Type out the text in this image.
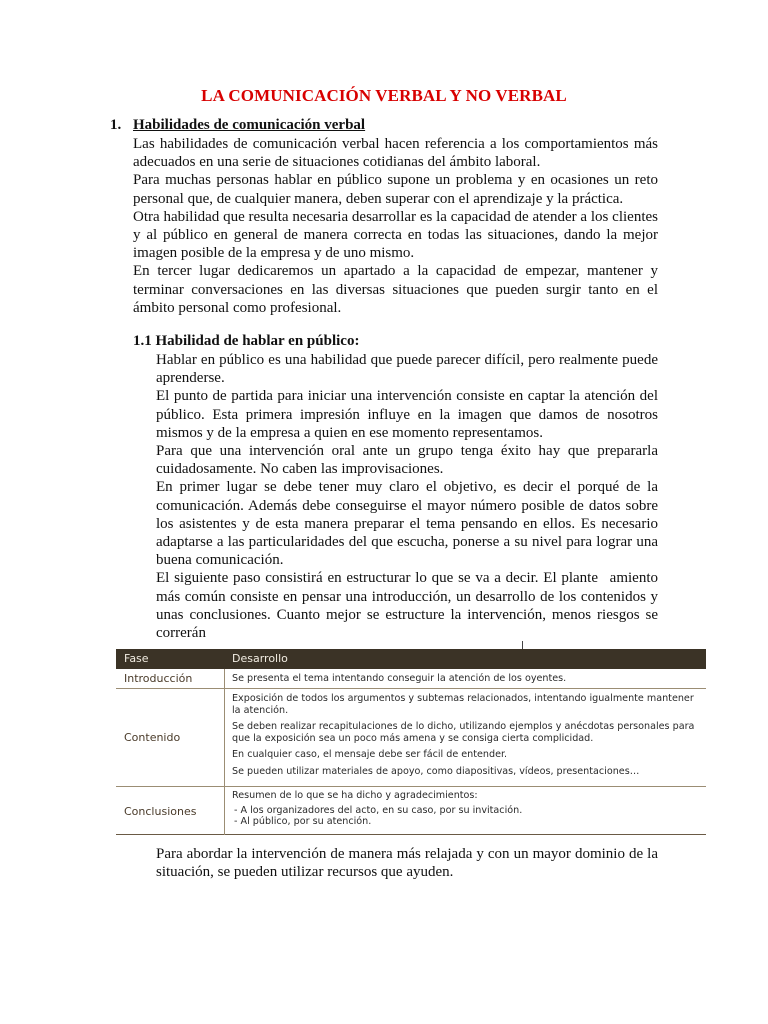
LA COMUNICACIÓN VERBAL Y NO VERBAL
1. Habilidades de comunicación verbal

Las habilidades de comunicación verbal hacen referencia a los comportamientos más adecuados en una serie de situaciones cotidianas del ámbito laboral.

Para muchas personas hablar en público supone un problema y en ocasiones un reto personal que, de cualquier manera, deben superar con el aprendizaje y la práctica.

Otra habilidad que resulta necesaria desarrollar es la capacidad de atender a los clientes y al público en general de manera correcta en todas las situaciones, dando la mejor imagen posible de la empresa y de uno mismo.

En tercer lugar dedicaremos un apartado a la capacidad de empezar, mantener y terminar conversaciones en las diversas situaciones que pueden surgir tanto en el ámbito personal como profesional.

1.1 Habilidad de hablar en público:

Hablar en público es una habilidad que puede parecer difícil, pero realmente puede aprenderse.

El punto de partida para iniciar una intervención consiste en captar la atención del público. Esta primera impresión influye en la imagen que damos de nosotros mismos y de la empresa a quien en ese momento representamos.

Para que una intervención oral ante un grupo tenga éxito hay que prepararla cuidadosamente. No caben las improvisaciones.

En primer lugar se debe tener muy claro el objetivo, es decir el porqué de la comunicación. Además debe conseguirse el mayor número posible de datos sobre los asistentes y de esta manera preparar el tema pensando en ellos. Es necesario adaptarse a las particularidades del que escucha, ponerse a su nivel para lograr una buena comunicación.

El siguiente paso consistirá en estructurar lo que se va a decir. El plante amiento más común consiste en pensar una introducción, un desarrollo de los contenidos y unas conclusiones. Cuanto mejor se estructure la intervención, menos riesgos se correrán

Fase	Desarrollo
Introducción	Se presenta el tema intentando conseguir la atención de los oyentes.

Contenido

Exposición de todos los argumentos y subtemas relacionados, intentando igualmente mantener la atención.

Se deben realizar recapitulaciones de lo dicho, utilizando ejemplos y anécdotas personales para que la exposición sea un poco más amena y se consiga cierta complicidad.

En cualquier caso, el mensaje debe ser fácil de entender.

Se pueden utilizar materiales de apoyo, como diapositivas, vídeos, presentaciones…

Conclusiones

Resumen de lo que se ha dicho y agradecimientos:

- A los organizadores del acto, en su caso, por su invitación.

- Al público, por su atención.

Para abordar la intervención de manera más relajada y con un mayor dominio de la situación, se pueden utilizar recursos que ayuden.
